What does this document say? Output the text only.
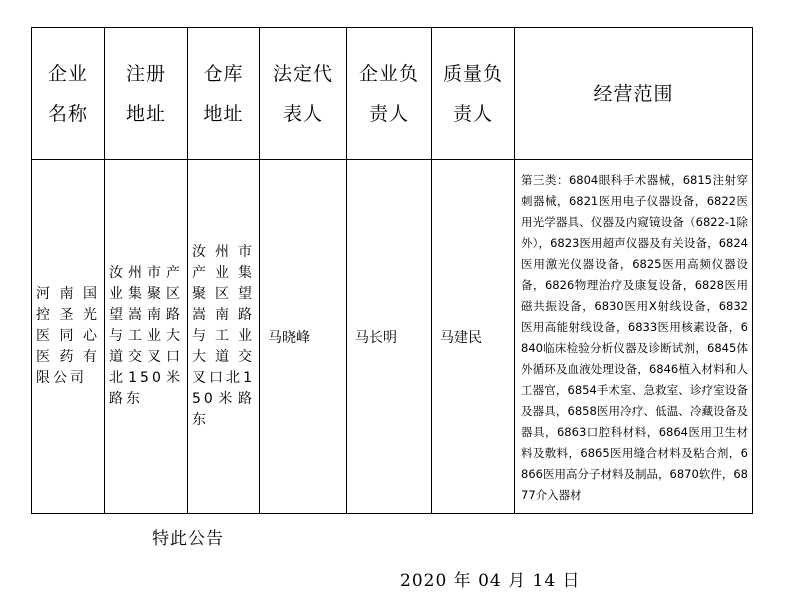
企业名称	注册地址	仓库地址	法定代表人	企业负责人	质量负责人	经营范围

河南国控圣光医同心医药有限公司	汝州市产业集聚区望嵩南路与工业大道交叉口北150米路东	汝州市产业集聚区望嵩南路与工业大道交叉口北150米路东	马晓峰	马长明	马建民	第三类：6804眼科手术器械，6815注射穿刺器械，6821医用电子仪器设备，6822医用光学器具、仪器及内窥镜设备（6822-1除外），6823医用超声仪器及有关设备，6824医用激光仪器设备，6825医用高频仪器设备，6826物理治疗及康复设备，6828医用磁共振设备，6830医用X射线设备，6832医用高能射线设备，6833医用核素设备，6840临床检验分析仪器及诊断试剂，6845体外循环及血液处理设备，6846植入材料和人工器官，6854手术室、急救室、诊疗室设备及器具，6858医用冷疗、低温、冷藏设备及器具，6863口腔科材料，6864医用卫生材料及敷料，6865医用缝合材料及粘合剂，6866医用高分子材料及制品，6870软件，6877介入器材
特此公告
2020 年 04 月 14 日
